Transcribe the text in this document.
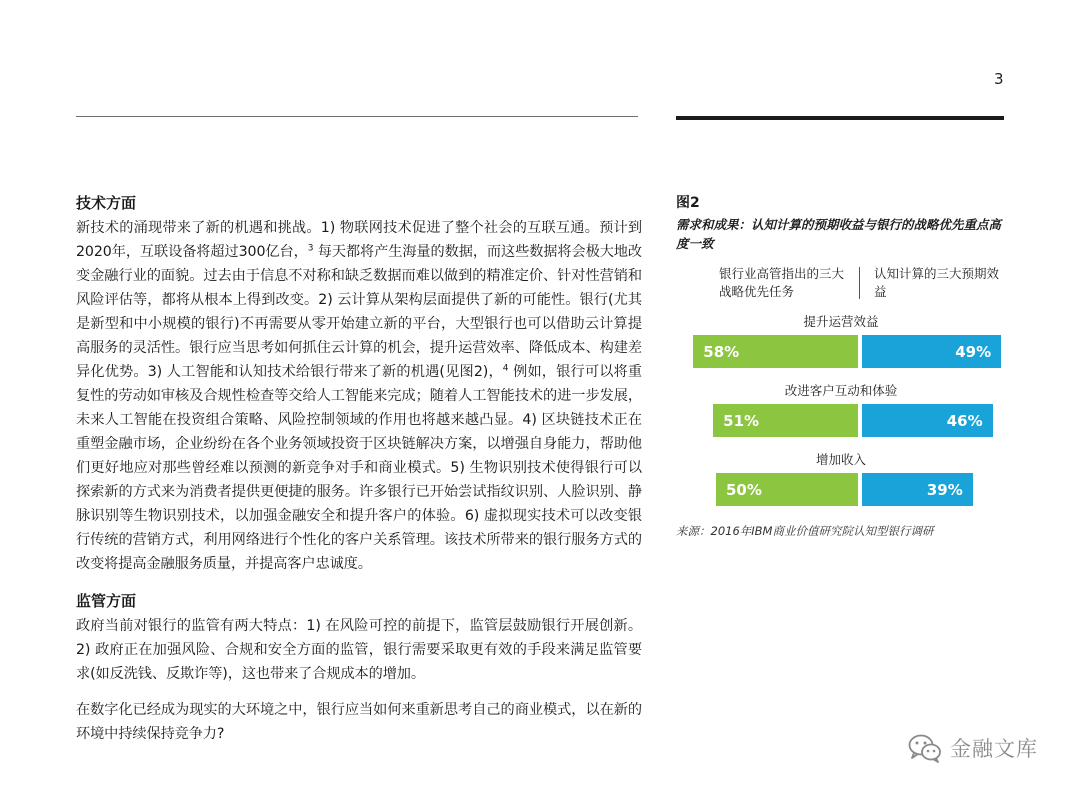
3
技术方面

新技术的涌现带来了新的机遇和挑战。1) 物联网技术促进了整个社会的互联互通。预计到 2020年，互联设备将超过300亿台，$^3$ 每天都将产生海量的数据，而这些数据将会极大地改变金融行业的面貌。过去由于信息不对称和缺乏数据而难以做到的精准定价、针对性营销和风险评估等，都将从根本上得到改变。2) 云计算从架构层面提供了新的可能性。银行(尤其是新型和中小规模的银行)不再需要从零开始建立新的平台，大型银行也可以借助云计算提高服务的灵活性。银行应当思考如何抓住云计算的机会，提升运营效率、降低成本、构建差异化优势。3) 人工智能和认知技术给银行带来了新的机遇(见图2)，$^4$ 例如，银行可以将重复性的劳动如审核及合规性检查等交给人工智能来完成；随着人工智能技术的进一步发展，未来人工智能在投资组合策略、风险控制领域的作用也将越来越凸显。4) 区块链技术正在重塑金融市场，企业纷纷在各个业务领域投资于区块链解决方案，以增强自身能力，帮助他们更好地应对那些曾经难以预测的新竞争对手和商业模式。5) 生物识别技术使得银行可以探索新的方式来为消费者提供更便捷的服务。许多银行已开始尝试指纹识别、人脸识别、静脉识别等生物识别技术，以加强金融安全和提升客户的体验。6) 虚拟现实技术可以改变银行传统的营销方式，利用网络进行个性化的客户关系管理。该技术所带来的银行服务方式的改变将提高金融服务质量，并提高客户忠诚度。

监管方面

政府当前对银行的监管有两大特点：1) 在风险可控的前提下，监管层鼓励银行开展创新。2) 政府正在加强风险、合规和安全方面的监管，银行需要采取更有效的手段来满足监管要求(如反洗钱、反欺诈等)，这也带来了合规成本的增加。

在数字化已经成为现实的大环境之中，银行应当如何来重新思考自己的商业模式，以在新的环境中持续保持竞争力?

图2
需求和成果：认知计算的预期收益与银行的战略优先重点高度一致
银行业高管指出的三大战略优先任务
认知计算的三大预期效益
提升运营效益
58%	49%
改进客户互动和体验
51%	46%
增加收入
50%	39%
来源：2016年IBM商业价值研究院认知型银行调研
金融文库
